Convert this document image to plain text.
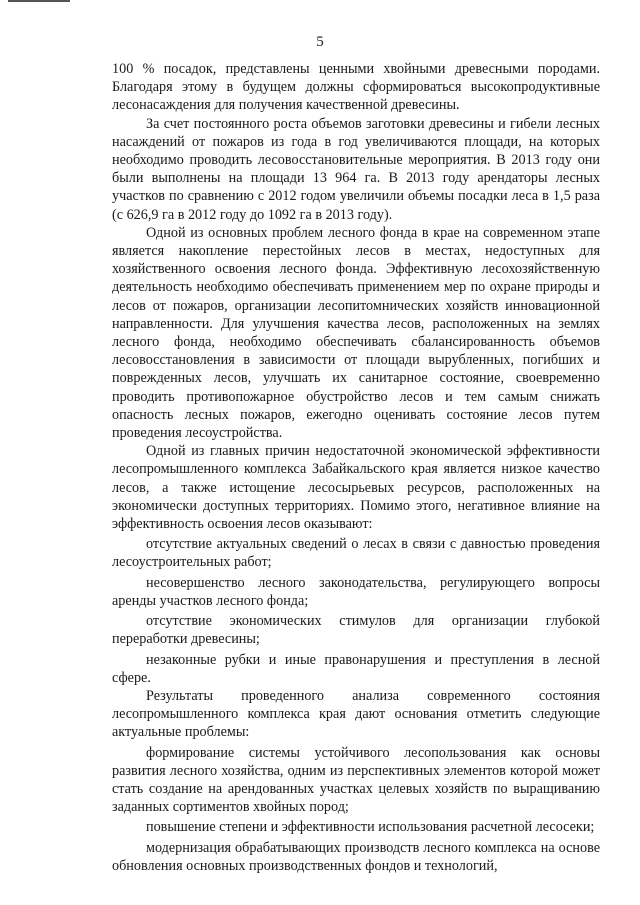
5

100 % посадок, представлены ценными хвойными древесными породами. Благодаря этому в будущем должны сформироваться высокопродуктивные лесонасаждения для получения качественной древесины.

За счет постоянного роста объемов заготовки древесины и гибели лесных насаждений от пожаров из года в год увеличиваются площади, на которых необходимо проводить лесовосстановительные мероприятия. В 2013 году они были выполнены на площади 13 964 га. В 2013 году арендаторы лесных участков по сравнению с 2012 годом увеличили объемы посадки леса в 1,5 раза (с 626,9 га в 2012 году до 1092 га в 2013 году).

Одной из основных проблем лесного фонда в крае на современном этапе является накопление перестойных лесов в местах, недоступных для хозяйственного освоения лесного фонда. Эффективную лесохозяйственную деятельность необходимо обеспечивать применением мер по охране природы и лесов от пожаров, организации лесопитомнических хозяйств инновационной направленности. Для улучшения качества лесов, расположенных на землях лесного фонда, необходимо обеспечивать сбалансированность объемов лесовосстановления в зависимости от площади вырубленных, погибших и поврежденных лесов, улучшать их санитарное состояние, своевременно проводить противопожарное обустройство лесов и тем самым снижать опасность лесных пожаров, ежегодно оценивать состояние лесов путем проведения лесоустройства.

Одной из главных причин недостаточной экономической эффективности лесопромышленного комплекса Забайкальского края является низкое качество лесов, а также истощение лесосырьевых ресурсов, расположенных на экономически доступных территориях. Помимо этого, негативное влияние на эффективность освоения лесов оказывают:

отсутствие актуальных сведений о лесах в связи с давностью проведения лесоустроительных работ;

несовершенство лесного законодательства, регулирующего вопросы аренды участков лесного фонда;

отсутствие экономических стимулов для организации глубокой переработки древесины;

незаконные рубки и иные правонарушения и преступления в лесной сфере.

Результаты проведенного анализа современного состояния лесопромышленного комплекса края дают основания отметить следующие актуальные проблемы:

формирование системы устойчивого лесопользования как основы развития лесного хозяйства, одним из перспективных элементов которой может стать создание на арендованных участках целевых хозяйств по выращиванию заданных сортиментов хвойных пород;

повышение степени и эффективности использования расчетной лесосеки;

модернизация обрабатывающих производств лесного комплекса на основе обновления основных производственных фондов и технологий,
